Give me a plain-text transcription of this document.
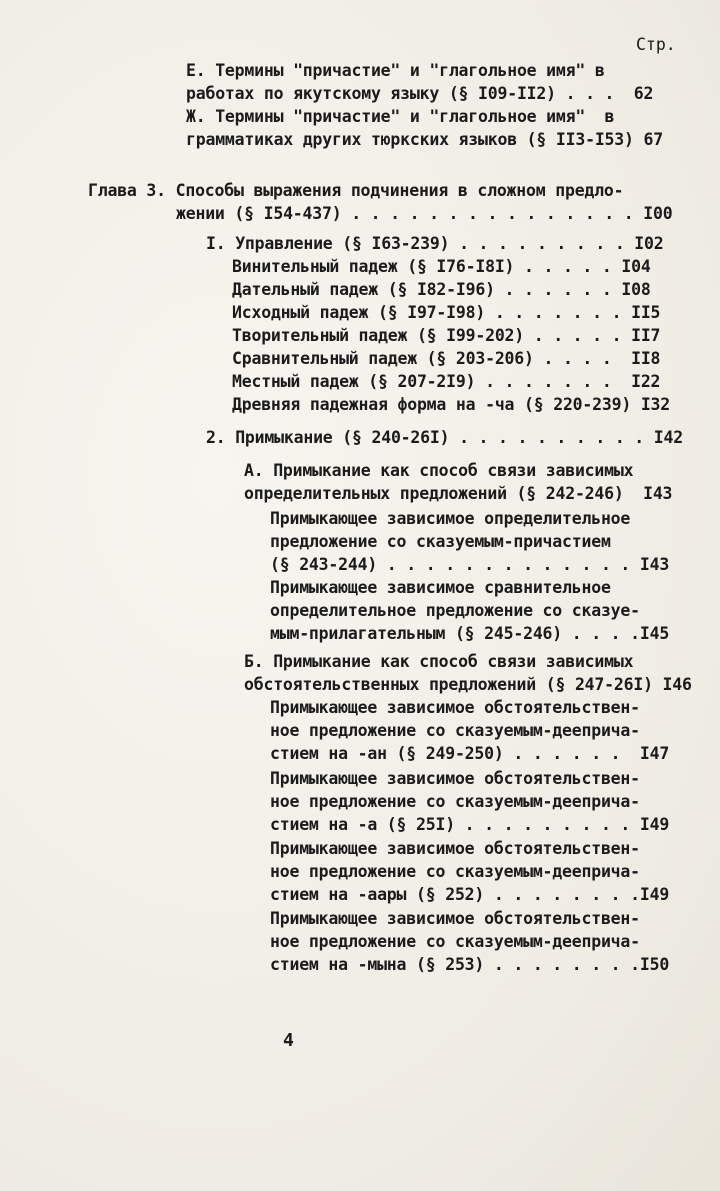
Стр.
Е. Термины "причастие" и "глагольное имя" в
работах по якутскому языку (§ I09-II2) . . .  62
Ж. Термины "причастие" и "глагольное имя"  в
грамматиках других тюркских языков (§ II3-I53) 67
Глава 3. Способы выражения подчинения в сложном предло-
жении (§ I54-437) . . . . . . . . . . . . . . . I00
I. Управление (§ I63-239) . . . . . . . . . I02
Винительный падеж (§ I76-I8I) . . . . . I04
Дательный падеж (§ I82-I96) . . . . . . I08
Исходный падеж (§ I97-I98) . . . . . . . II5
Творительный падеж (§ I99-202) . . . . . II7
Сравнительный падеж (§ 203-206) . . . .  II8
Местный падеж (§ 207-2I9) . . . . . . .  I22
Древняя падежная форма на -ча (§ 220-239) I32
2. Примыкание (§ 240-26I) . . . . . . . . . . I42
А. Примыкание как способ связи зависимых
определительных предложений (§ 242-246)  I43
Примыкающее зависимое определительное
предложение со сказуемым-причастием
(§ 243-244) . . . . . . . . . . . . . I43
Примыкающее зависимое сравнительное
определительное предложение со сказуе-
мым-прилагательным (§ 245-246) . . . .I45
Б. Примыкание как способ связи зависимых
обстоятельственных предложений (§ 247-26I) I46
Примыкающее зависимое обстоятельствен-
ное предложение со сказуемым-дееприча-
стием на -ан (§ 249-250) . . . . . .  I47
Примыкающее зависимое обстоятельствен-
ное предложение со сказуемым-дееприча-
стием на -а (§ 25I) . . . . . . . . . I49
Примыкающее зависимое обстоятельствен-
ное предложение со сказуемым-дееприча-
стием на -аары (§ 252) . . . . . . . .I49
Примыкающее зависимое обстоятельствен-
ное предложение со сказуемым-дееприча-
стием на -мына (§ 253) . . . . . . . .I50
4
